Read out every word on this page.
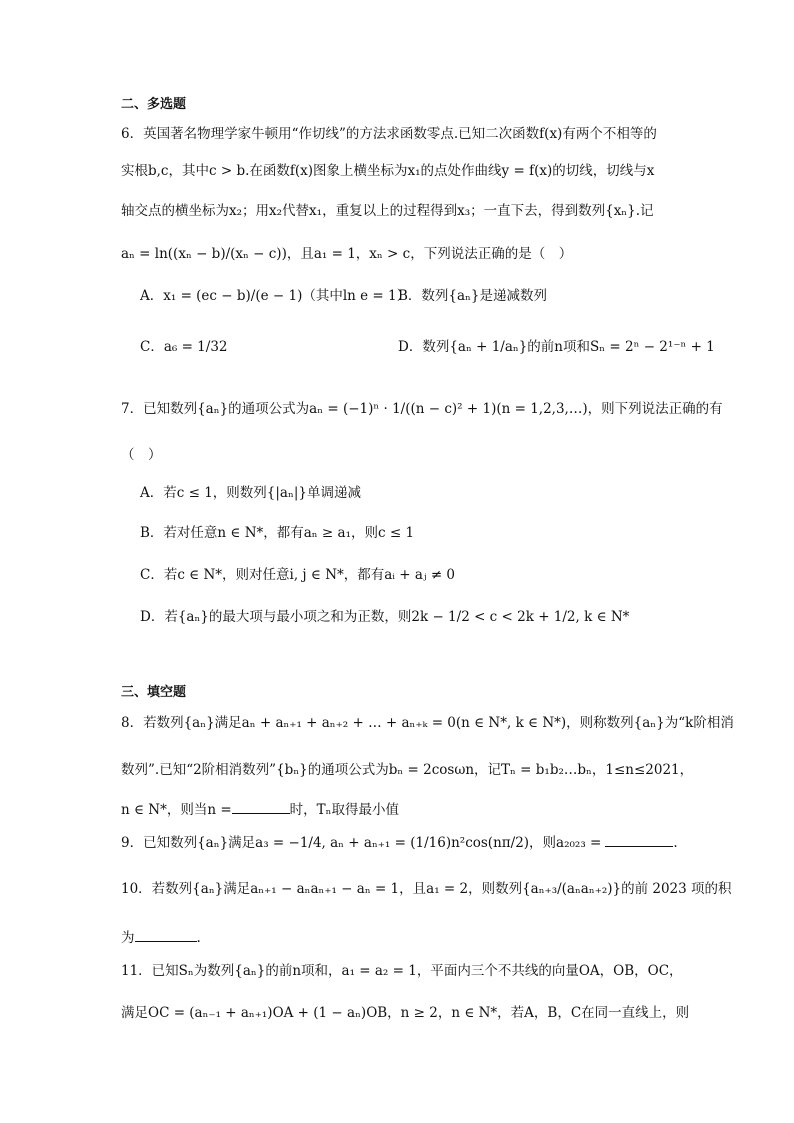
二、多选题
6．英国著名物理学家牛顿用“作切线”的方法求函数零点.已知二次函数f(x)有两个不相等的
实根b,c，其中c > b.在函数f(x)图象上横坐标为x₁的点处作曲线y = f(x)的切线，切线与x
轴交点的横坐标为x₂；用x₂代替x₁，重复以上的过程得到x₃；一直下去，得到数列{xₙ}.记
aₙ = ln((xₙ − b)/(xₙ − c))，且a₁ = 1，xₙ > c，下列说法正确的是（　）
A．x₁ = (ec − b)/(e − 1)（其中ln e = 1）
B．数列{aₙ}是递减数列
C．a₆ = 1/32	D．数列{aₙ + 1/aₙ}的前n项和Sₙ = 2ⁿ − 2¹⁻ⁿ + 1
7．已知数列{aₙ}的通项公式为aₙ = (−1)ⁿ · 1/((n − c)² + 1)(n = 1,2,3,…)，则下列说法正确的有
（　）
A．若c ≤ 1，则数列{|aₙ|}单调递减
B．若对任意n ∈ N*，都有aₙ ≥ a₁，则c ≤ 1
C．若c ∈ N*，则对任意i, j ∈ N*，都有aᵢ + aⱼ ≠ 0
D．若{aₙ}的最大项与最小项之和为正数，则2k − 1/2 < c < 2k + 1/2, k ∈ N*
三、填空题
8．若数列{aₙ}满足aₙ + aₙ₊₁ + aₙ₊₂ + … + aₙ₊ₖ = 0(n ∈ N*, k ∈ N*)，则称数列{aₙ}为“k阶相消
数列”.已知“2阶相消数列”{bₙ}的通项公式为bₙ = 2cosωn，记Tₙ = b₁b₂…bₙ，1≤n≤2021，
n ∈ N*，则当n =	时，Tₙ取得最小值
9．已知数列{aₙ}满足a₃ = −1/4, aₙ + aₙ₊₁ = (1/16)n²cos(nπ/2)，则a₂₀₂₃ =	.
10．若数列{aₙ}满足aₙ₊₁ − aₙaₙ₊₁ − aₙ = 1，且a₁ = 2，则数列{aₙ₊₃/(aₙaₙ₊₂)}的前 2023 项的积
为	.
11．已知Sₙ为数列{aₙ}的前n项和，a₁ = a₂ = 1，平面内三个不共线的向量OA，OB，OC，
满足OC = (aₙ₋₁ + aₙ₊₁)OA + (1 − aₙ)OB，n ≥ 2，n ∈ N*，若A，B，C在同一直线上，则
